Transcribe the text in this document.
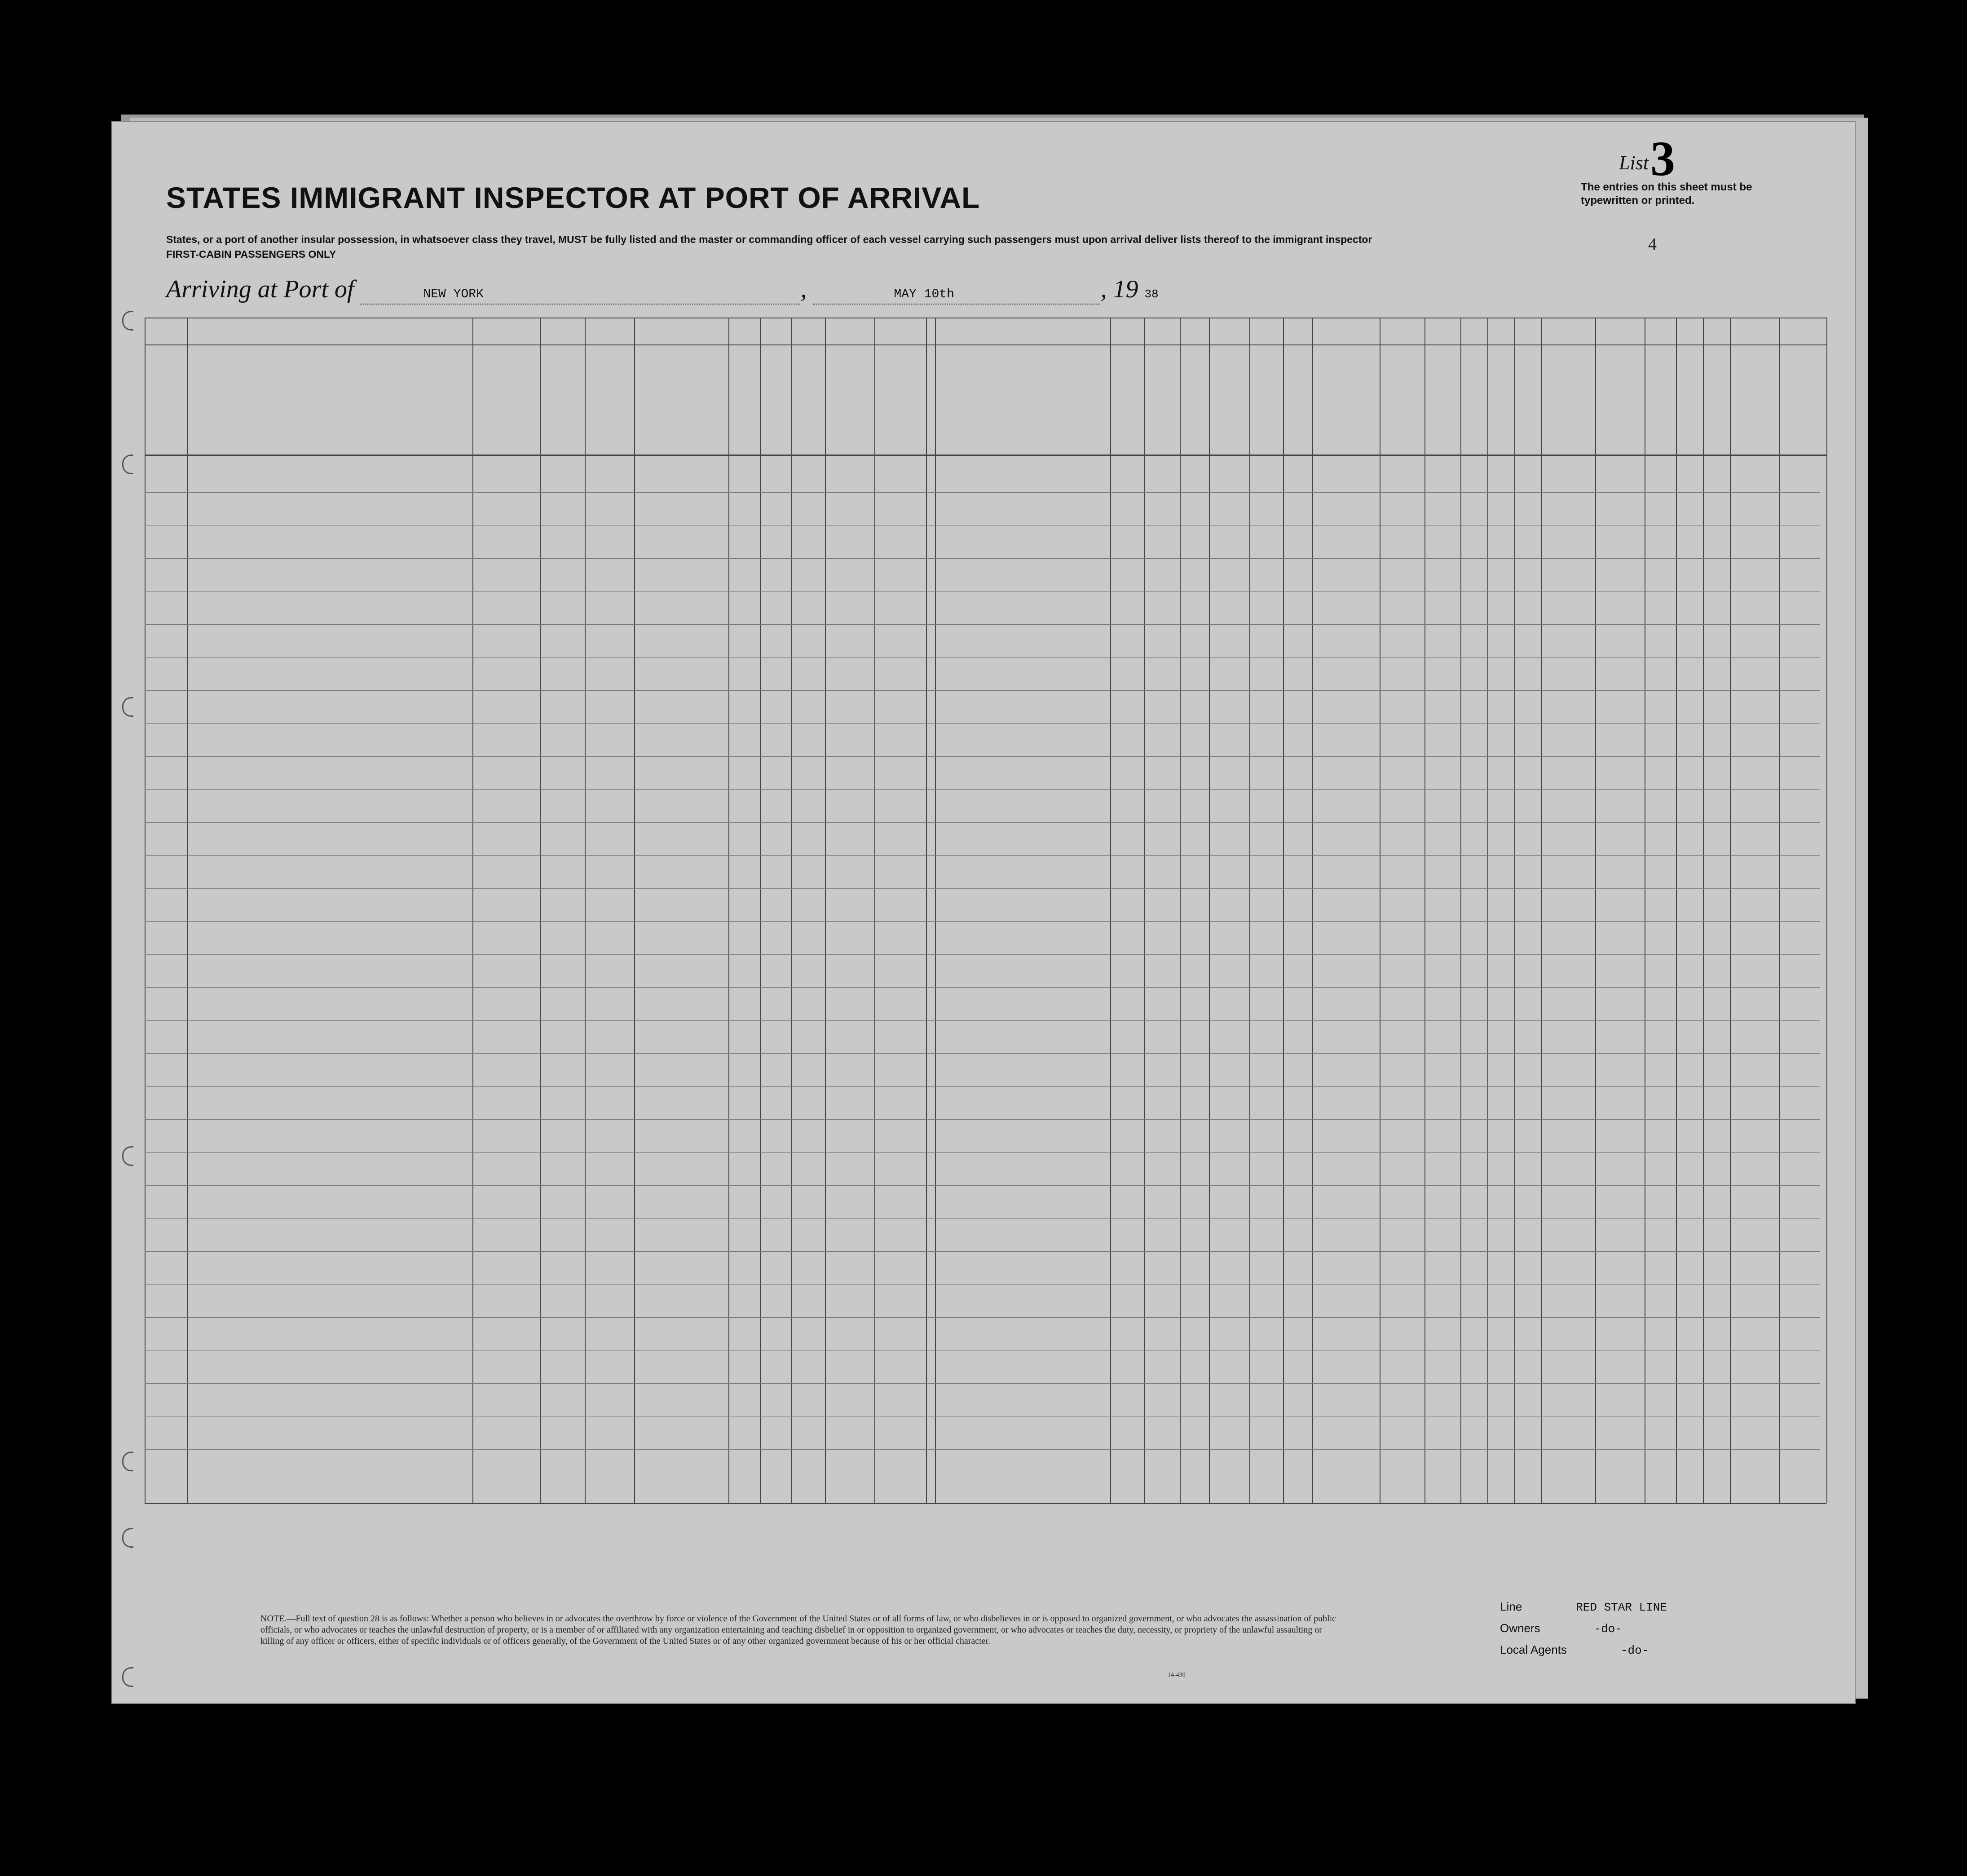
STATES IMMIGRANT INSPECTOR AT PORT OF ARRIVAL
States, or a port of another insular possession, in whatsoever class they travel, MUST be fully listed and the master or commanding officer of each vessel carrying such passengers must upon arrival deliver lists thereof to the immigrant inspector
FIRST-CABIN PASSENGERS ONLY
List 3
The entries on this sheet must be typewritten or printed.
4
Arriving at Port of	NEW YORK	,	MAY 10th	, 19 38
NOTE.—Full text of question 28 is as follows: Whether a person who believes in or advocates the overthrow by force or violence of the Government of the United States or of all forms of law, or who disbelieves in or is opposed to organized government, or who advocates the assassination of public officials, or who advocates or teaches the unlawful destruction of property, or is a member of or affiliated with any organization entertaining and teaching disbelief in or opposition to organized government, or who advocates or teaches the duty, necessity, or propriety of the unlawful assaulting or killing of any officer or officers, either of specific individuals or of officers generally, of the Government of the United States or of any other organized government because of his or her official character.
14-430
Line	RED STAR LINE
Owners	-do-
Local Agents	-do-
